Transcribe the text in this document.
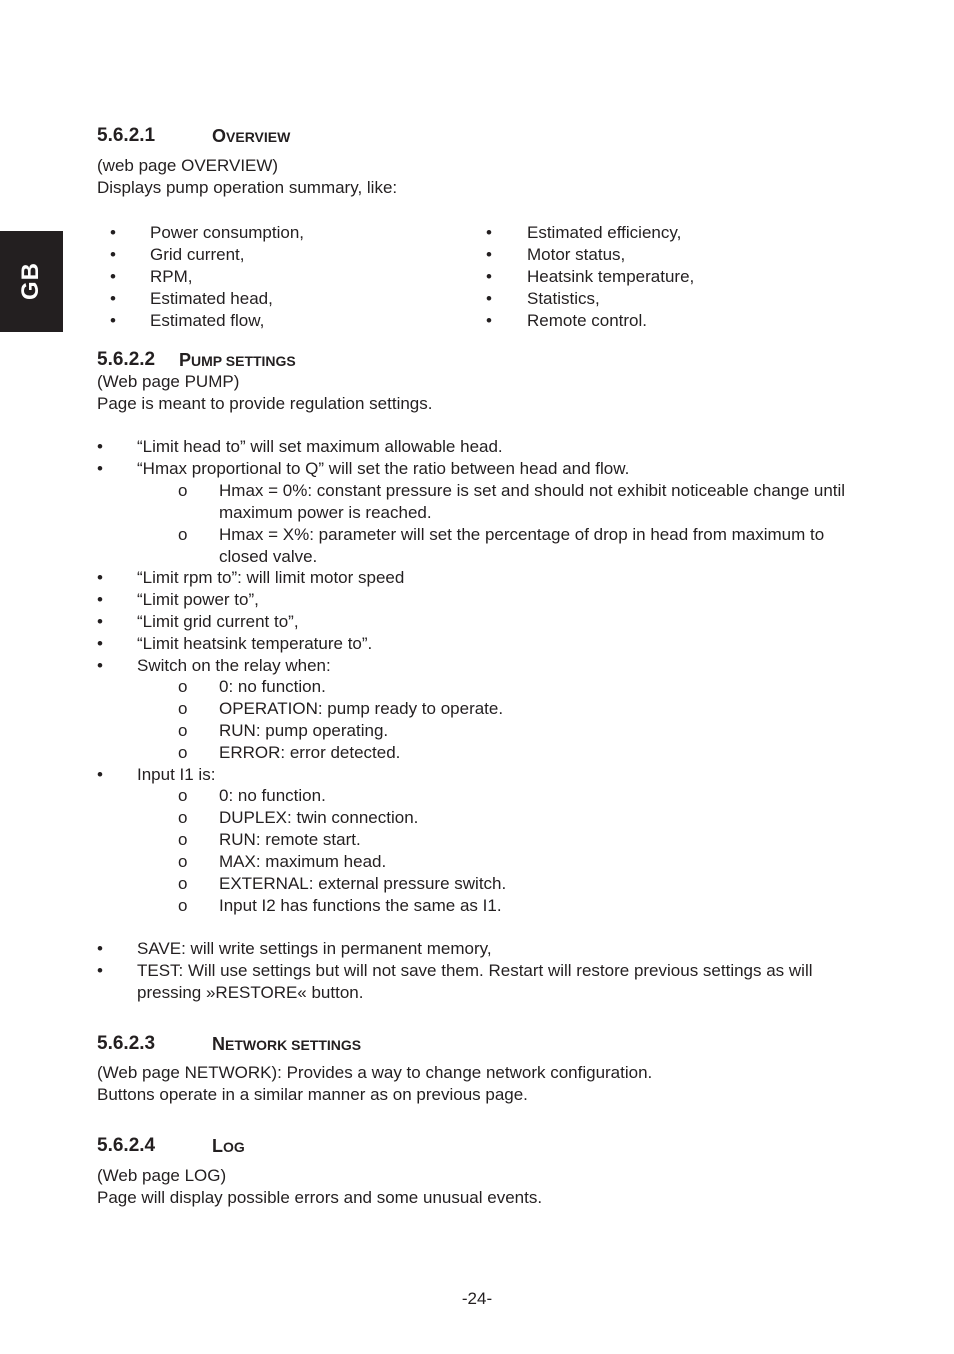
GB
5.6.2.1	OVERVIEW
(web page OVERVIEW)
Displays pump operation summary, like:
• Power consumption,
• Grid current,
• RPM,
• Estimated head,
• Estimated flow,
• Estimated efficiency,
• Motor status,
• Heatsink temperature,
• Statistics,
• Remote control.
5.6.2.2 PUMP SETTINGS
(Web page PUMP)
Page is meant to provide regulation settings.
• “Limit head to” will set maximum allowable head.
• “Hmax proportional to Q” will set the ratio between head and flow.
o Hmax = 0%: constant pressure is set and should not exhibit noticeable change until maximum power is reached.
o Hmax = X%: parameter will set the percentage of drop in head from maximum to closed valve.
• “Limit rpm to”: will limit motor speed
• “Limit power to”,
• “Limit grid current to”,
• “Limit heatsink temperature to”.
• Switch on the relay when:
o 0: no function.
o OPERATION: pump ready to operate.
o RUN: pump operating.
o ERROR: error detected.
• Input I1 is:
o 0: no function.
o DUPLEX: twin connection.
o RUN: remote start.
o MAX: maximum head.
o EXTERNAL: external pressure switch.
o Input I2 has functions the same as I1.
• SAVE: will write settings in permanent memory,
• TEST: Will use settings but will not save them. Restart will restore previous settings as will pressing »RESTORE« button.
5.6.2.3	NETWORK SETTINGS
(Web page NETWORK): Provides a way to change network configuration.
Buttons operate in a similar manner as on previous page.
5.6.2.4	LOG
(Web page LOG)
Page will display possible errors and some unusual events.
-24-
